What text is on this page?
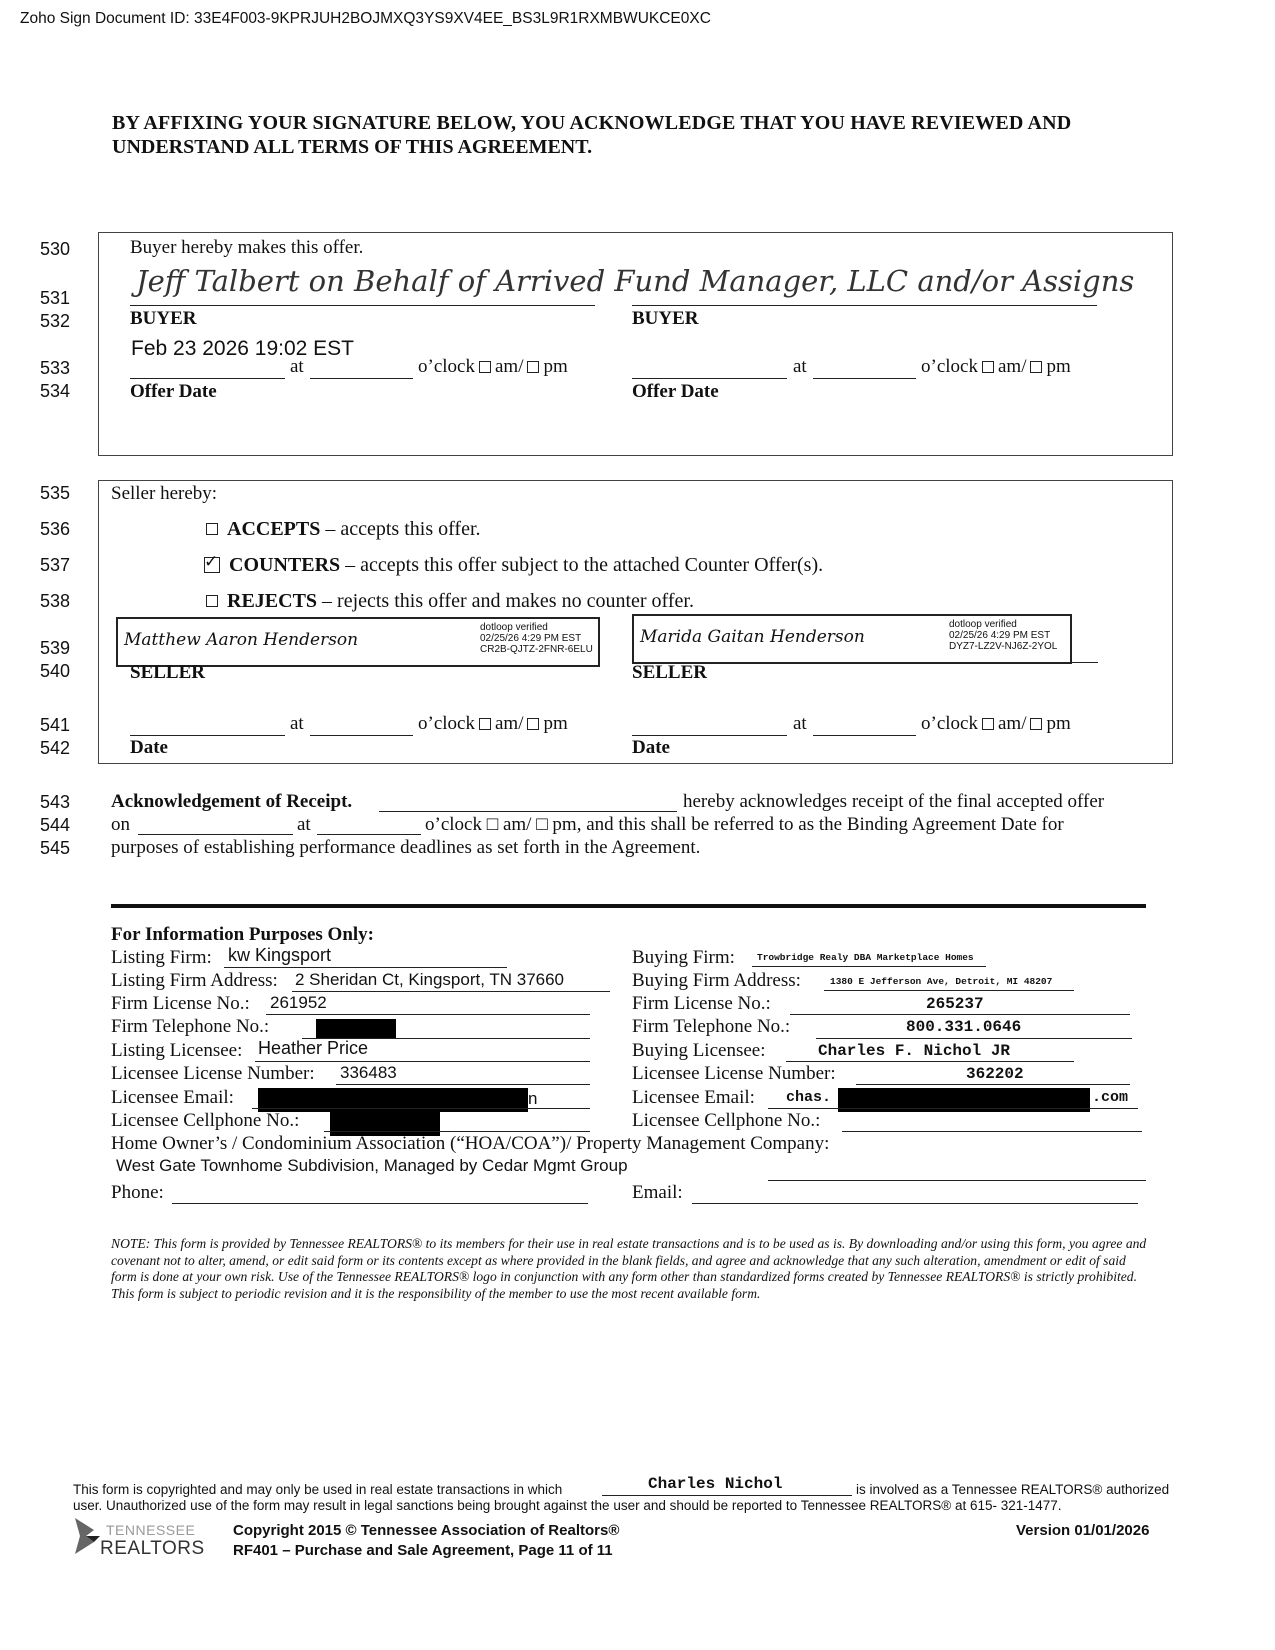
Zoho Sign Document ID: 33E4F003-9KPRJUH2BOJMXQ3YS9XV4EE_BS3L9R1RXMBWUKCE0XC
BY AFFIXING YOUR SIGNATURE BELOW, YOU ACKNOWLEDGE THAT YOU HAVE REVIEWED AND
UNDERSTAND ALL TERMS OF THIS AGREEMENT.
530
531
532
533
534
535
536
537
538
539
540
541
542
543
544
545
Buyer hereby makes this offer.
Jeff Talbert on Behalf of Arrived Fund Manager, LLC and/or Assigns
BUYER	BUYER
Feb 23 2026 19:02 EST
at	o’clock am/ pm	at	o’clock am/ pm
Offer Date	Offer Date
Seller hereby:
ACCEPTS – accepts this offer.
✓ COUNTERS – accepts this offer subject to the attached Counter Offer(s).
REJECTS – rejects this offer and makes no counter offer.
Matthew Aaron Henderson
dotloop verified
02/25/26 4:29 PM EST
CR2B-QJTZ-2FNR-6ELU
Marida Gaitan Henderson
dotloop verified
02/25/26 4:29 PM EST
DYZ7-LZ2V-NJ6Z-2YOL
SELLER	SELLER
at	o’clock am/ pm	at	o’clock am/ pm
Date	Date
Acknowledgement of Receipt.	hereby acknowledges receipt of the final accepted offer
on	at	o’clock □ am/ □ pm, and this shall be referred to as the Binding Agreement Date for
purposes of establishing performance deadlines as set forth in the Agreement.
For Information Purposes Only:
Listing Firm: kw Kingsport
Listing Firm Address: 2 Sheridan Ct, Kingsport, TN 37660
Firm License No.: 261952
Firm Telephone No.:
Listing Licensee: Heather Price
Licensee License Number: 336483
Licensee Email:	n
Licensee Cellphone No.:
Buying Firm: Trowbridge Realy DBA Marketplace Homes
Buying Firm Address:	1380 E Jefferson Ave, Detroit, MI 48207
Firm License No.:	265237
Firm Telephone No.:	800.331.0646
Buying Licensee:	Charles F. Nichol JR
Licensee License Number:	362202
Licensee Email: chas.	.com
Licensee Cellphone No.:
Home Owner’s / Condominium Association (“HOA/COA”)/ Property Management Company:
West Gate Townhome Subdivision, Managed by Cedar Mgmt Group
Phone:	Email:
NOTE: This form is provided by Tennessee REALTORS® to its members for their use in real estate transactions and is to be used as is. By downloading and/or using this form, you agree and covenant not to alter, amend, or edit said form or its contents except as where provided in the blank fields, and agree and acknowledge that any such alteration, amendment or edit of said form is done at your own risk. Use of the Tennessee REALTORS® logo in conjunction with any form other than standardized forms created by Tennessee REALTORS® is strictly prohibited. This form is subject to periodic revision and it is the responsibility of the member to use the most recent available form.
This form is copyrighted and may only be used in real estate transactions in which	Charles Nichol	is involved as a Tennessee REALTORS® authorized
user. Unauthorized use of the form may result in legal sanctions being brought against the user and should be reported to Tennessee REALTORS® at 615- 321-1477.
TENNESSEE
REALTORS
Copyright 2015 © Tennessee Association of Realtors®
RF401 – Purchase and Sale Agreement, Page 11 of 11
Version 01/01/2026
